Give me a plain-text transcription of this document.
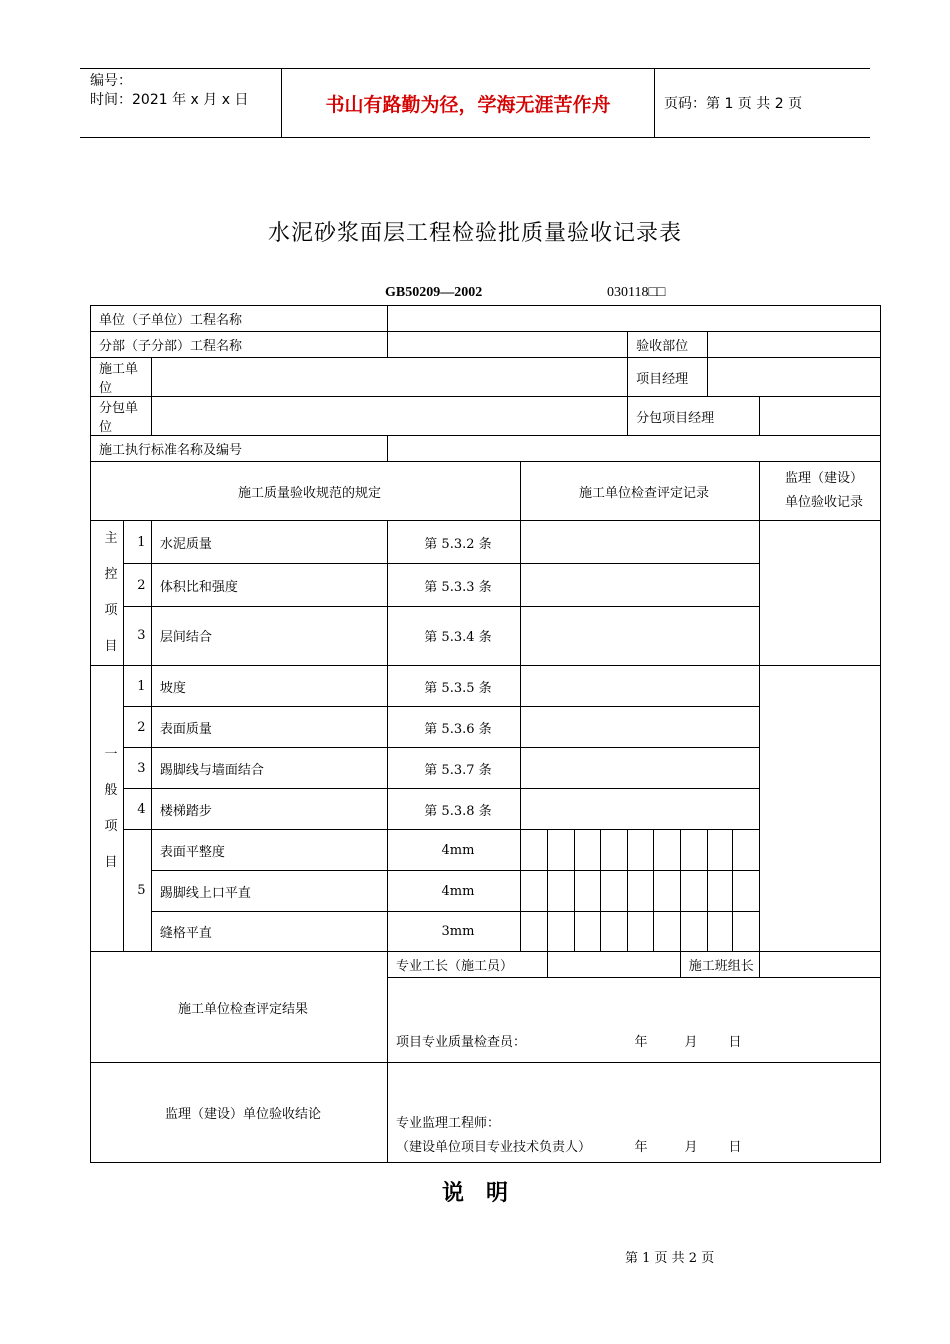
编号：
时间：2021 年 x 月 x 日	书山有路勤为径，学海无涯苦作舟	页码：第 1 页 共 2 页
水泥砂浆面层工程检验批质量验收记录表
GB50209—2002	030118□□
单位（子单位）工程名称													
分部（子分部）工程名称								验收部位					
施工单位								项目经理					
分包单位								分包项目经理					
施工执行标准名称及编号													
施工质量验收规范的规定				施工单位检查评定记录									监理（建设）
单位验收记录

主
控
项
目	1	水泥质量	第 5.3.2 条										
	2	体积比和强度	第 5.3.3 条										
	3	层间结合	第 5.3.4 条										

一
般
项
目	1	坡度	第 5.3.5 条										
	2	表面质量	第 5.3.6 条										
	3	踢脚线与墙面结合	第 5.3.7 条										
	4	楼梯踏步	第 5.3.8 条										
	5	表面平整度	4mm										
		踢脚线上口平直	4mm										
		缝格平直	3mm										
施工单位检查评定结果			专业工长（施工员）							施工班组长			
			项目专业质量检查员： 年 月 日										

监理（建设）单位验收结论			专业监理工程师：
（建设单位项目专业技术负责人） 年 月 日										
说明
第 1 页 共 2 页
